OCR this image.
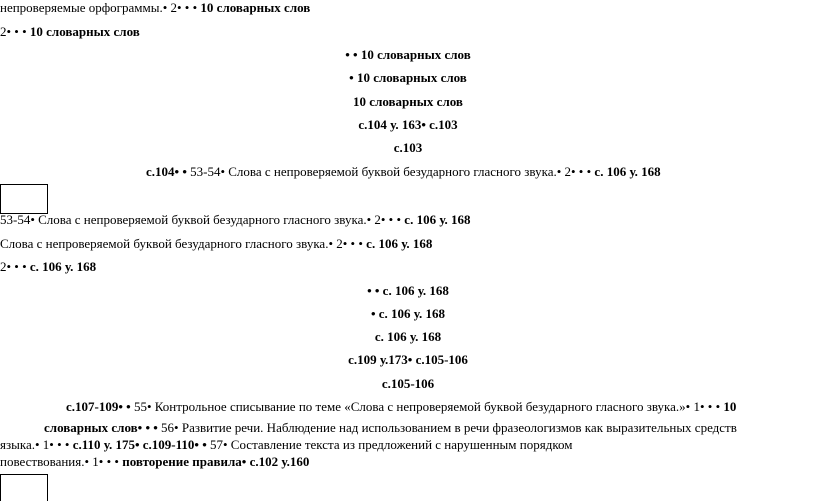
непроверяемые орфограммы.• 2• • • 10 словарных слов
2• • • 10 словарных слов
• • 10 словарных слов
• 10 словарных слов
10 словарных слов
с.104 у. 163• с.103
с.103
с.104• • 53-54• Слова с непроверяемой буквой безударного гласного звука.• 2• • • с. 106 у. 168
53-54• Слова с непроверяемой буквой безударного гласного звука.• 2• • • с. 106 у. 168
Слова с непроверяемой буквой безударного гласного звука.• 2• • • с. 106 у. 168
2• • • с. 106 у. 168
• • с. 106 у. 168
• с. 106 у. 168
с. 106 у. 168
с.109 у.173• с.105-106
с.105-106
с.107-109• • 55• Контрольное списывание по теме «Слова с непроверяемой буквой безударного гласного звука.»• 1• • • 10
словарных слов• • • 56• Развитие речи. Наблюдение над использованием в речи фразеологизмов как выразительных средств
языка.• 1• • • с.110 у. 175• с.109-110• • 57• Составление текста из предложений с нарушенным порядком
повествования.• 1• • • повторение правила• с.102 у.160
